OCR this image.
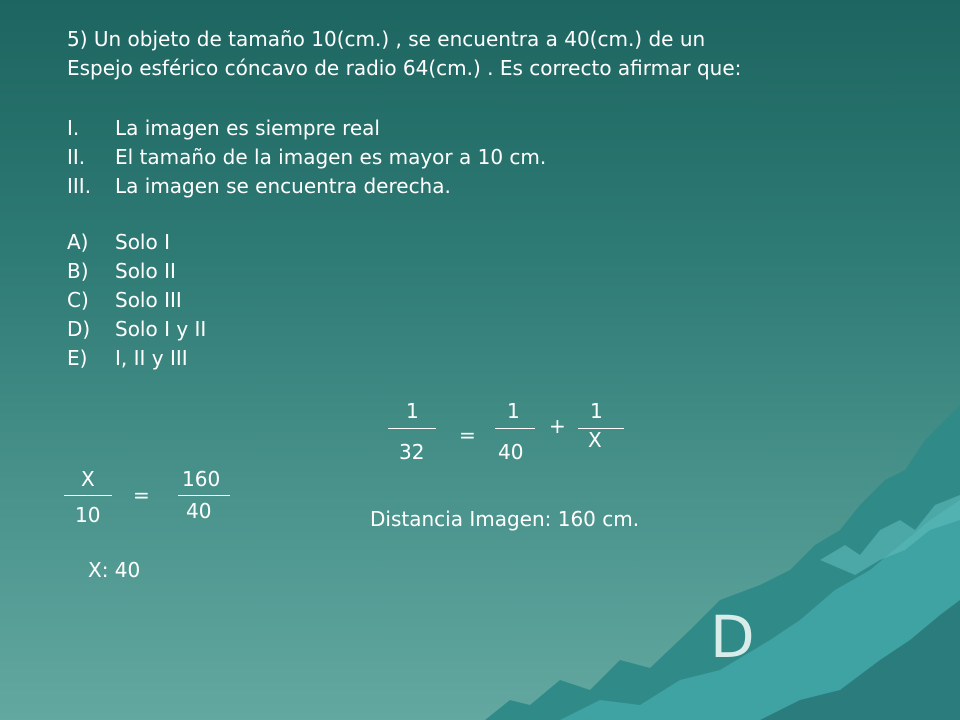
5) Un objeto de tamaño 10(cm.) , se encuentra a 40(cm.) de un
Espejo esférico cóncavo de radio 64(cm.) . Es correcto afirmar que:
I. La imagen es siempre real
II. El tamaño de la imagen es mayor a 10 cm.
III. La imagen se encuentra derecha.
A) Solo I
B) Solo II
C) Solo III
D) Solo I y II
E) I, II y III
1
32
=
1
40
+
1
X
X
10
=
160
40	Distancia Imagen: 160 cm.
X: 40
D
